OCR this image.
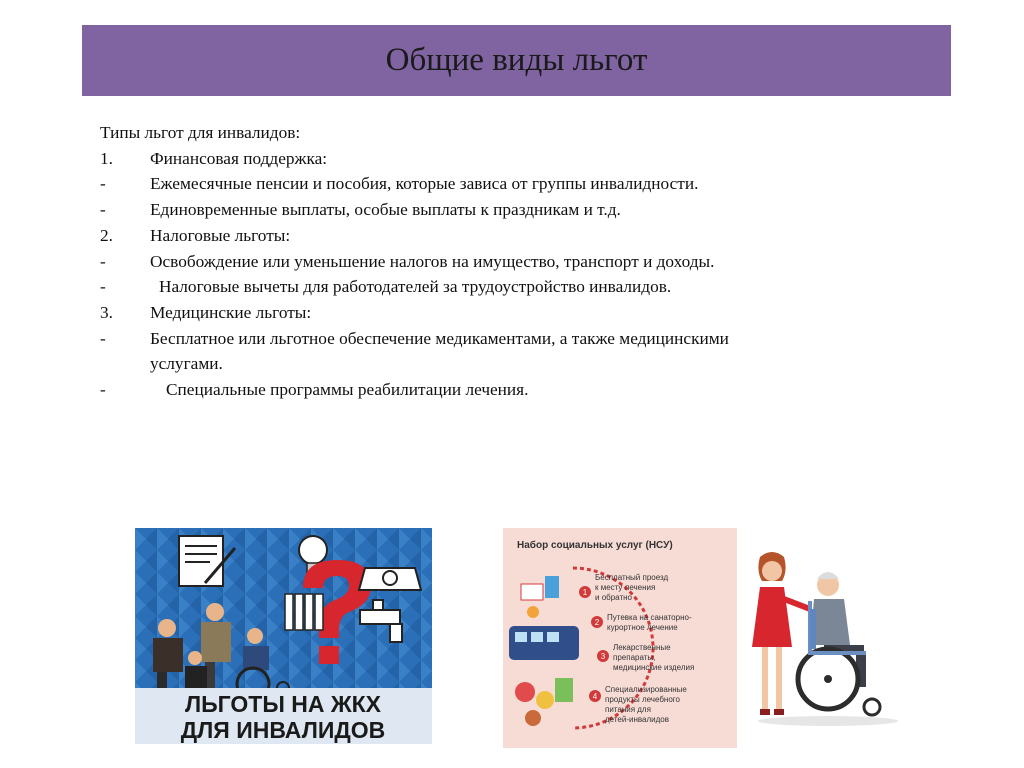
Общие виды льгот
Типы льгот для инвалидов:
1.	Финансовая поддержка:
-	Ежемесячные пенсии и пособия, которые зависа от группы инвалидности.
-	Единовременные выплаты, особые выплаты к праздникам и т.д.
2.	Налоговые льготы:
-	Освобождение или уменьшение налогов на имущество, транспорт и доходы.
-	Налоговые вычеты для работодателей за трудоустройство инвалидов.
3.	Медицинские льготы:
-	Бесплатное или льготное обеспечение медикаментами, а также медицинскими услугами.
-	Специальные программы реабилитации лечения.
ЛЬГОТЫ НА ЖКХ
ДЛЯ ИНВАЛИДОВ
Набор социальных услуг (НСУ)
1
Бесплатный проезд
к месту лечения
и обратно
2
Путевка на санаторно-
курортное лечение
3
Лекарственные
препараты,
медицинские изделия
4
Специализированные
продукты лечебного
питания для
детей-инвалидов
